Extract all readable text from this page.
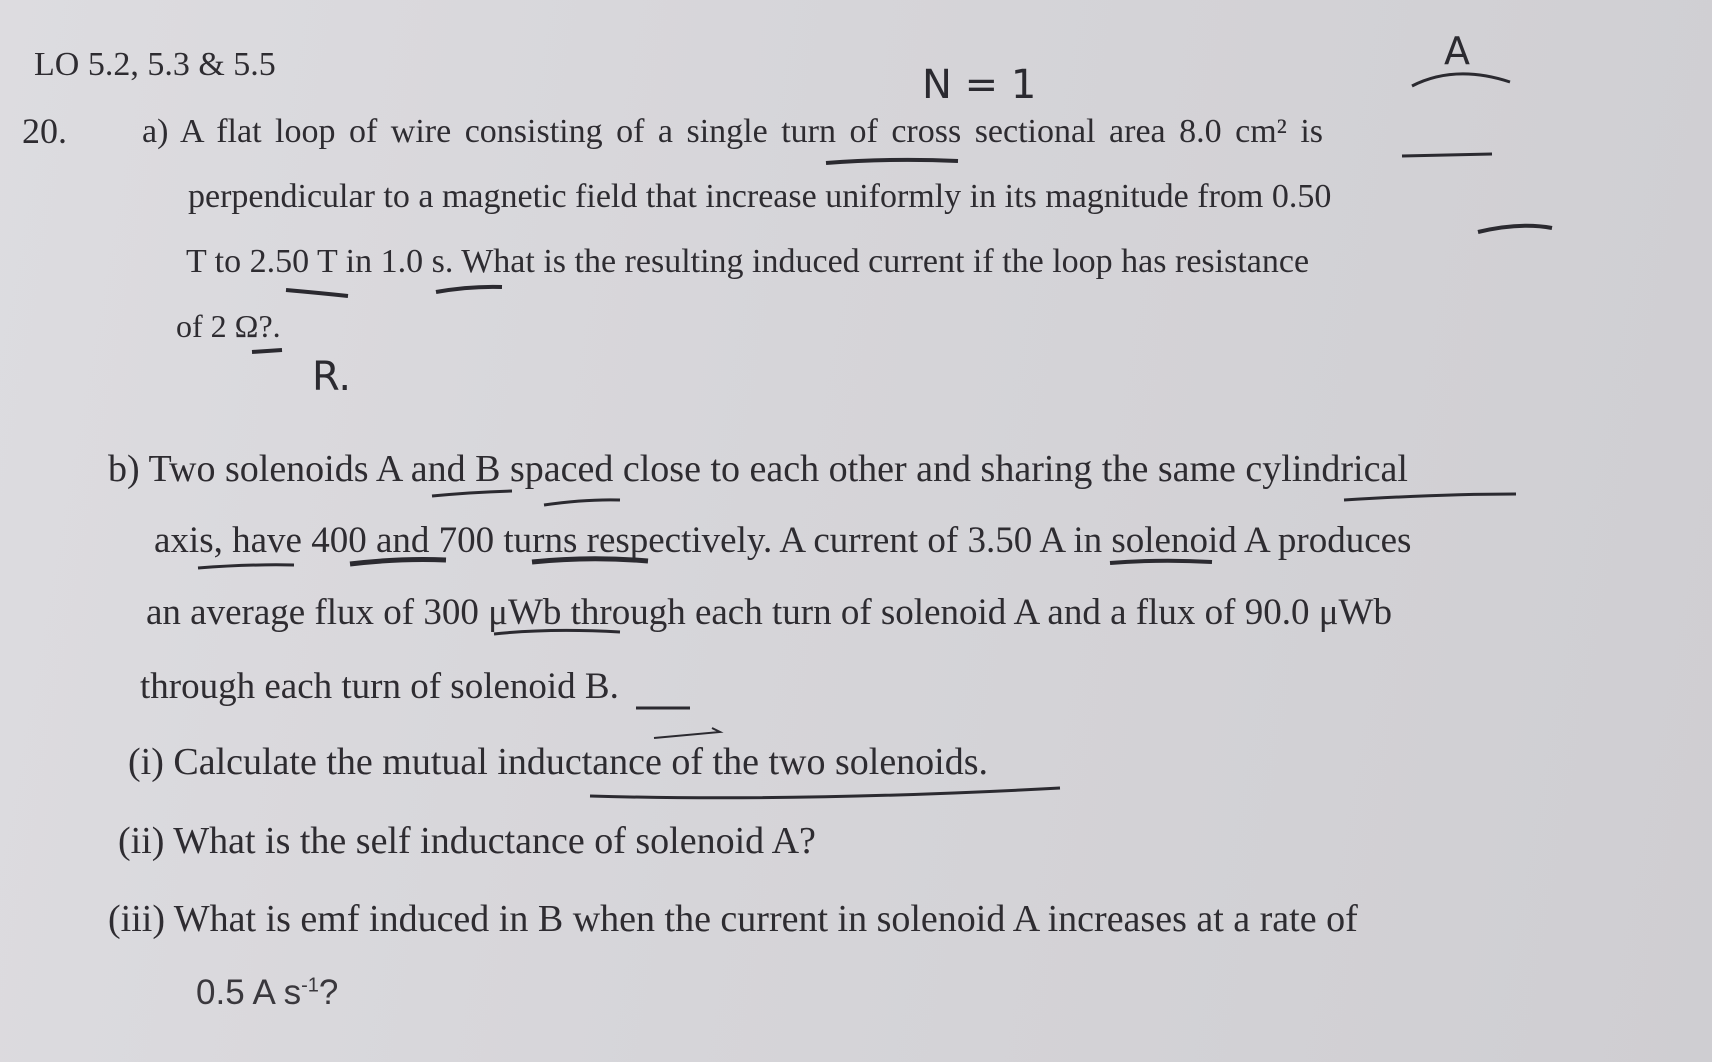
LO 5.2, 5.3 & 5.5
20. a) A flat loop of wire consisting of a single turn of cross sectional area 8.0 cm² is
perpendicular to a magnetic field that increase uniformly in its magnitude from 0.50
T to 2.50 T in 1.0 s. What is the resulting induced current if the loop has resistance
of 2 Ω?.
b) Two solenoids A and B spaced close to each other and sharing the same cylindrical
axis, have 400 and 700 turns respectively. A current of 3.50 A in solenoid A produces
an average flux of 300 μWb through each turn of solenoid A and a flux of 90.0 μWb
through each turn of solenoid B.
(i) Calculate the mutual inductance of the two solenoids.
(ii) What is the self inductance of solenoid A?
(iii) What is emf induced in B when the current in solenoid A increases at a rate of
0.5 A $s^{-1}$?
N = 1
A
R.
